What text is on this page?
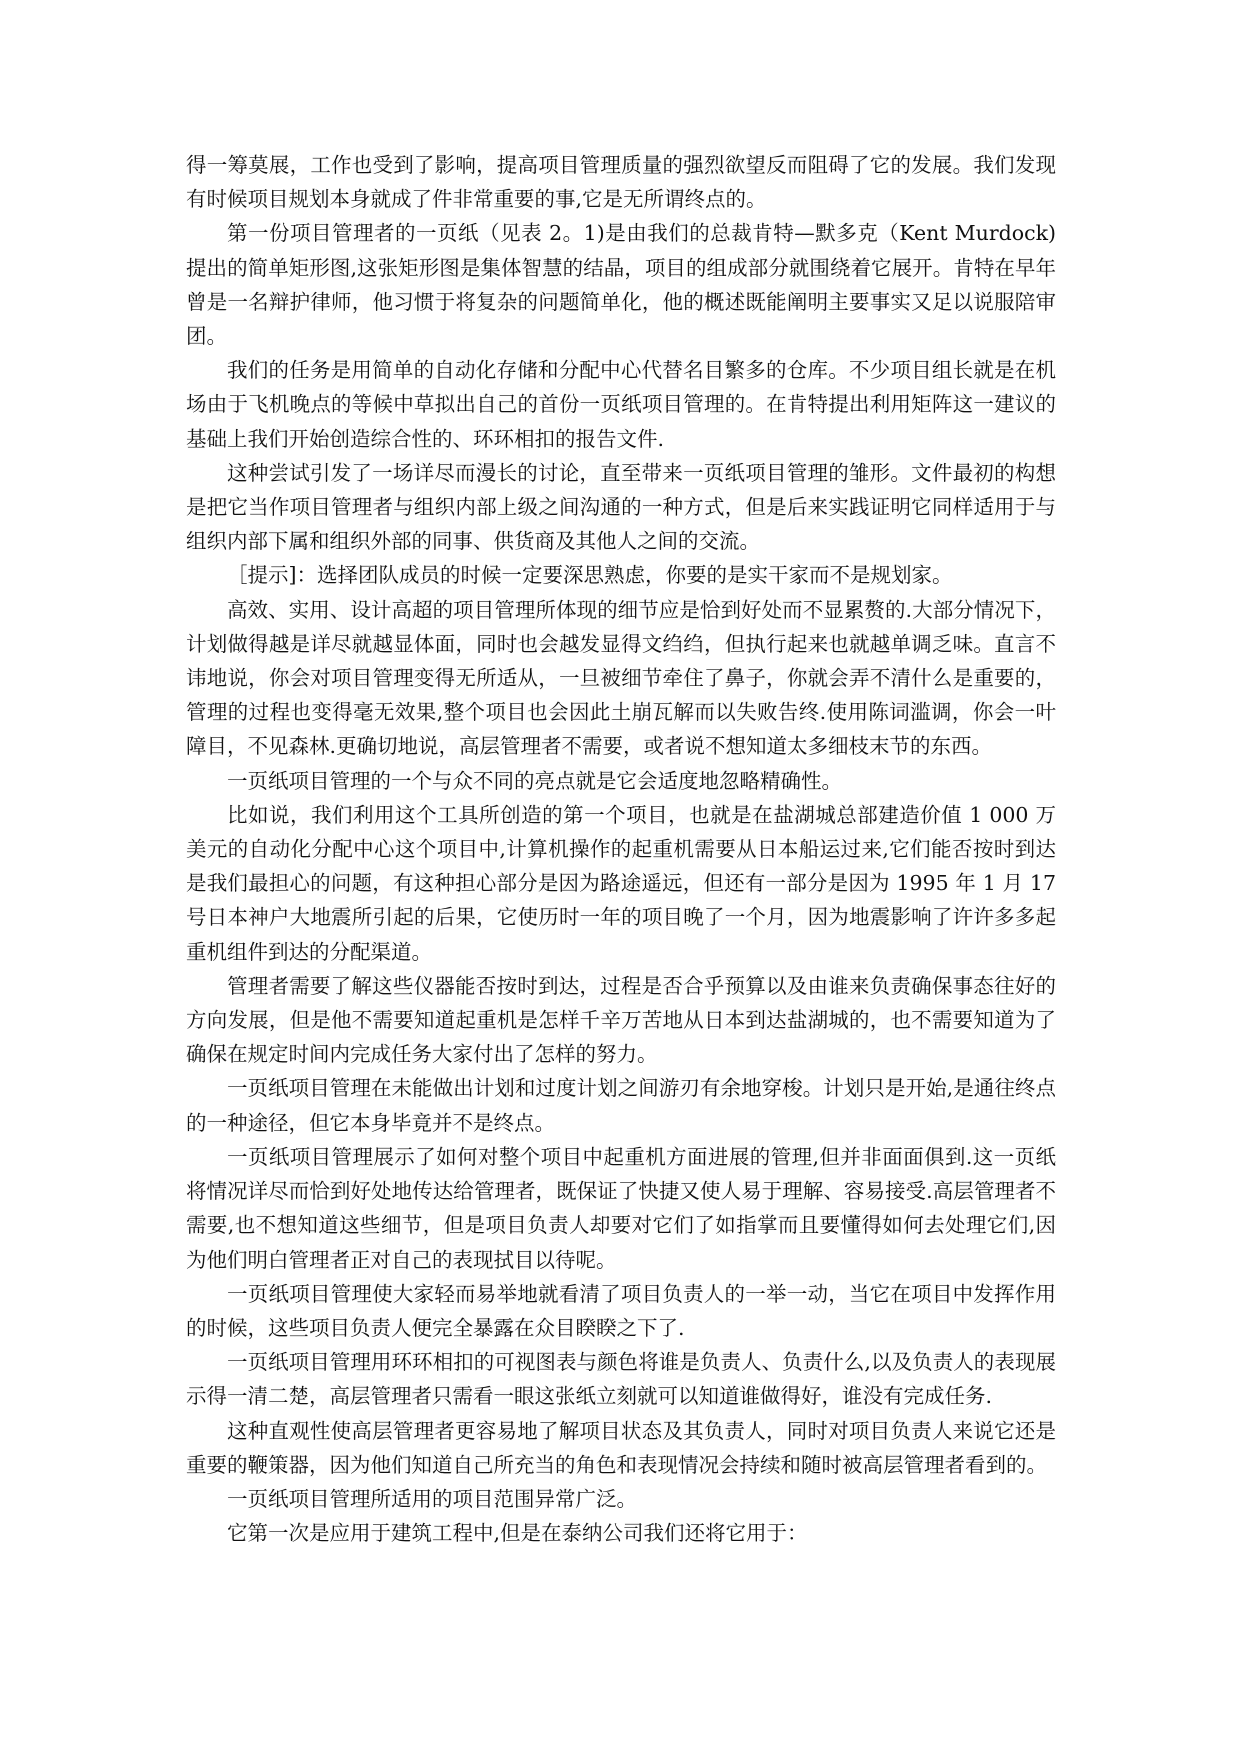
得一筹莫展，工作也受到了影响，提高项目管理质量的强烈欲望反而阻碍了它的发展。我们发现有时候项目规划本身就成了件非常重要的事,它是无所谓终点的。

第一份项目管理者的一页纸（见表 2。1)是由我们的总裁肯特—默多克（Kent Murdock) 提出的简单矩形图,这张矩形图是集体智慧的结晶，项目的组成部分就围绕着它展开。肯特在早年曾是一名辩护律师，他习惯于将复杂的问题简单化，他的概述既能阐明主要事实又足以说服陪审团。

我们的任务是用简单的自动化存储和分配中心代替名目繁多的仓库。不少项目组长就是在机场由于飞机晚点的等候中草拟出自己的首份一页纸项目管理的。在肯特提出利用矩阵这一建议的基础上我们开始创造综合性的、环环相扣的报告文件.

这种尝试引发了一场详尽而漫长的讨论，直至带来一页纸项目管理的雏形。文件最初的构想是把它当作项目管理者与组织内部上级之间沟通的一种方式，但是后来实践证明它同样适用于与组织内部下属和组织外部的同事、供货商及其他人之间的交流。

［提示]：选择团队成员的时候一定要深思熟虑，你要的是实干家而不是规划家。

高效、实用、设计高超的项目管理所体现的细节应是恰到好处而不显累赘的.大部分情况下，计划做得越是详尽就越显体面，同时也会越发显得文绉绉，但执行起来也就越单调乏味。直言不讳地说，你会对项目管理变得无所适从，一旦被细节牵住了鼻子，你就会弄不清什么是重要的，管理的过程也变得毫无效果,整个项目也会因此土崩瓦解而以失败告终.使用陈词滥调，你会一叶障目，不见森林.更确切地说，高层管理者不需要，或者说不想知道太多细枝末节的东西。

一页纸项目管理的一个与众不同的亮点就是它会适度地忽略精确性。

比如说，我们利用这个工具所创造的第一个项目，也就是在盐湖城总部建造价值 1 000 万美元的自动化分配中心这个项目中,计算机操作的起重机需要从日本船运过来,它们能否按时到达是我们最担心的问题，有这种担心部分是因为路途遥远，但还有一部分是因为 1995 年 1 月 17 号日本神户大地震所引起的后果，它使历时一年的项目晚了一个月，因为地震影响了许许多多起重机组件到达的分配渠道。

管理者需要了解这些仪器能否按时到达，过程是否合乎预算以及由谁来负责确保事态往好的方向发展，但是他不需要知道起重机是怎样千辛万苦地从日本到达盐湖城的，也不需要知道为了确保在规定时间内完成任务大家付出了怎样的努力。

一页纸项目管理在未能做出计划和过度计划之间游刃有余地穿梭。计划只是开始,是通往终点的一种途径，但它本身毕竟并不是终点。

一页纸项目管理展示了如何对整个项目中起重机方面进展的管理,但并非面面俱到.这一页纸将情况详尽而恰到好处地传达给管理者，既保证了快捷又使人易于理解、容易接受.高层管理者不需要,也不想知道这些细节，但是项目负责人却要对它们了如指掌而且要懂得如何去处理它们,因为他们明白管理者正对自己的表现拭目以待呢。

一页纸项目管理使大家轻而易举地就看清了项目负责人的一举一动，当它在项目中发挥作用的时候，这些项目负责人便完全暴露在众目睽睽之下了.

一页纸项目管理用环环相扣的可视图表与颜色将谁是负责人、负责什么,以及负责人的表现展示得一清二楚，高层管理者只需看一眼这张纸立刻就可以知道谁做得好，谁没有完成任务.

这种直观性使高层管理者更容易地了解项目状态及其负责人，同时对项目负责人来说它还是重要的鞭策器，因为他们知道自己所充当的角色和表现情况会持续和随时被高层管理者看到的。

一页纸项目管理所适用的项目范围异常广泛。

它第一次是应用于建筑工程中,但是在泰纳公司我们还将它用于：
